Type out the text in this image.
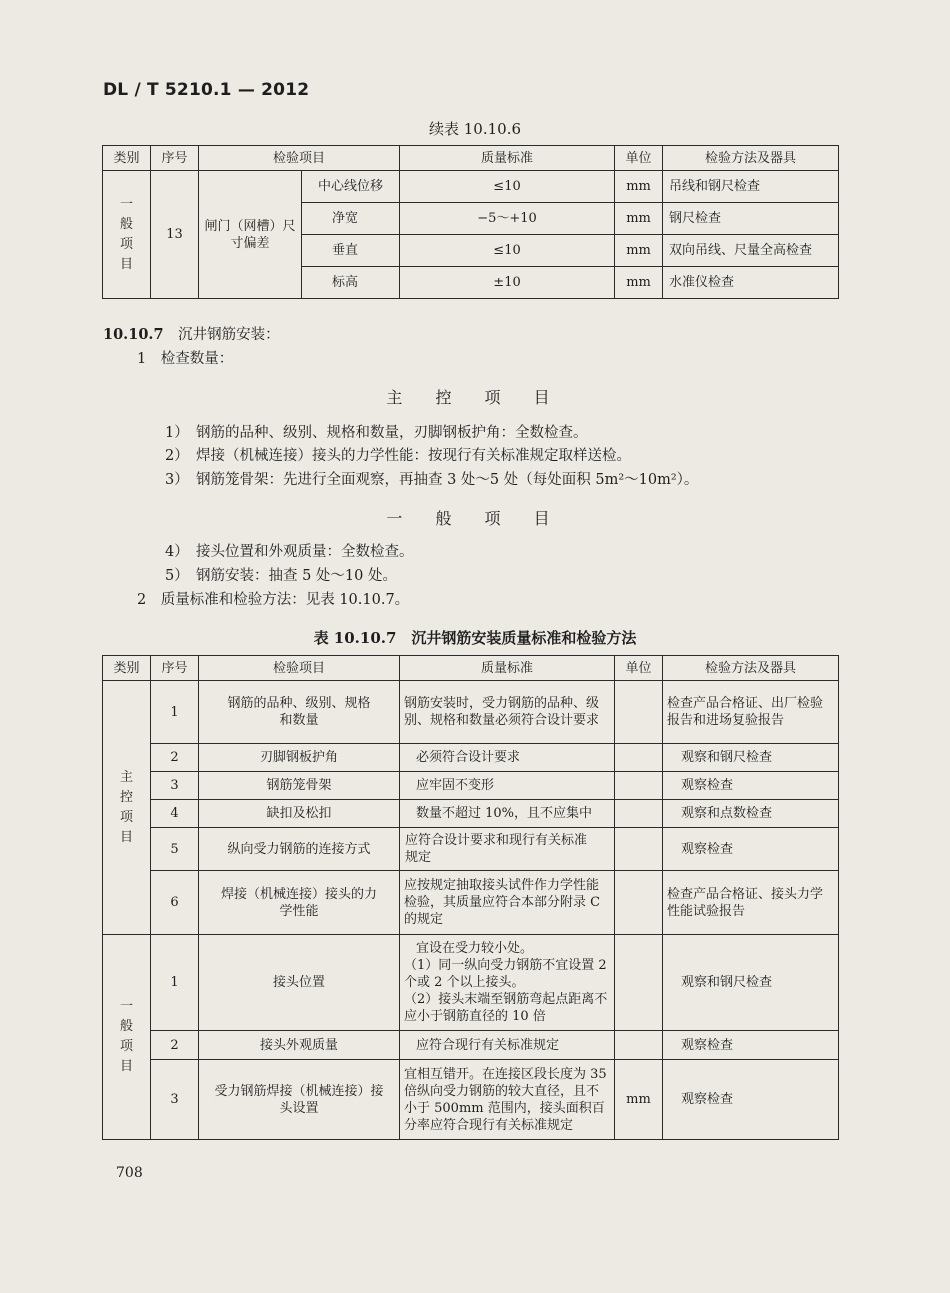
DL / T 5210.1 — 2012
续表 10.10.6
类别	序号	检验项目		质量标准	单位	检验方法及器具
一般项目	13	闸门（网槽）尺寸偏差	中心线位移	≤10	mm	吊线和钢尺检查
			净宽	−5～+10	mm	钢尺检查
			垂直	≤10	mm	双向吊线、尺量全高检查
			标高	±10	mm	水准仪检查
10.10.7 沉井钢筋安装：
1　检查数量：
主 控 项 目
1）　钢筋的品种、级别、规格和数量，刃脚钢板护角：全数检查。
2）　焊接（机械连接）接头的力学性能：按现行有关标准规定取样送检。
3）　钢筋笼骨架：先进行全面观察，再抽查 3 处～5 处（每处面积 5m²～10m²）。
一 般 项 目
4）　接头位置和外观质量：全数检查。
5）　钢筋安装：抽查 5 处～10 处。
2　质量标准和检验方法：见表 10.10.7。
表 10.10.7　沉井钢筋安装质量标准和检验方法
类别	序号	检验项目	质量标准	单位	检验方法及器具
主控项目	1	钢筋的品种、级别、规格和数量	钢筋安装时，受力钢筋的品种、级别、规格和数量必须符合设计要求		检查产品合格证、出厂检验报告和进场复验报告
	2	刃脚钢板护角	必须符合设计要求		观察和钢尺检查
	3	钢筋笼骨架	应牢固不变形		观察检查
	4	缺扣及松扣	数量不超过 10%，且不应集中		观察和点数检查
	5	纵向受力钢筋的连接方式	应符合设计要求和现行有关标准规定		观察检查
	6	焊接（机械连接）接头的力学性能	应按规定抽取接头试件作力学性能检验，其质量应符合本部分附录 C 的规定		检查产品合格证、接头力学性能试验报告
一般项目	1	接头位置	宜设在受力较小处。
（1）同一纵向受力钢筋不宜设置 2 个或 2 个以上接头。
（2）接头末端至钢筋弯起点距离不应小于钢筋直径的 10 倍		观察和钢尺检查
	2	接头外观质量	应符合现行有关标准规定		观察检查
	3	受力钢筋焊接（机械连接）接头设置	宜相互错开。在连接区段长度为 35 倍纵向受力钢筋的较大直径，且不小于 500mm 范围内，接头面积百分率应符合现行有关标准规定	mm	观察检查
708
